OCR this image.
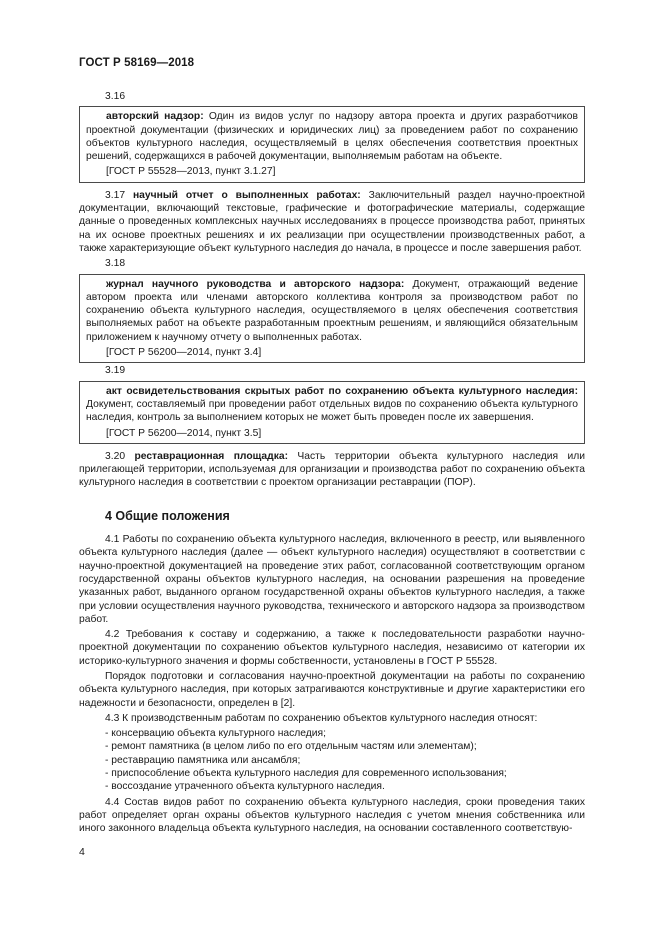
ГОСТ Р 58169—2018
3.16

авторский надзор: Один из видов услуг по надзору автора проекта и других разработчиков проектной документации (физических и юридических лиц) за проведением работ по сохранению объектов культурного наследия, осуществляемый в целях обеспечения соответствия проектных решений, содержащихся в рабочей документации, выполняемым работам на объекте.

[ГОСТ Р 55528—2013, пункт 3.1.27]

3.17 научный отчет о выполненных работах: Заключительный раздел научно-проектной документации, включающий текстовые, графические и фотографические материалы, содержащие данные о проведенных комплексных научных исследованиях в процессе производства работ, принятых на их основе проектных решениях и их реализации при осуществлении производственных работ, а также характеризующие объект культурного наследия до начала, в процессе и после завершения работ.

3.18

журнал научного руководства и авторского надзора: Документ, отражающий ведение автором проекта или членами авторского коллектива контроля за производством работ по сохранению объекта культурного наследия, осуществляемого в целях обеспечения соответствия выполняемых работ на объекте разработанным проектным решениям, и являющийся обязательным приложением к научному отчету о выполненных работах.

[ГОСТ Р 56200—2014, пункт 3.4]
3.19

акт освидетельствования скрытых работ по сохранению объекта культурного наследия: Документ, составляемый при проведении работ отдельных видов по сохранению объекта культурного наследия, контроль за выполнением которых не может быть проведен после их завершения.

[ГОСТ Р 56200—2014, пункт 3.5]

3.20 реставрационная площадка: Часть территории объекта культурного наследия или прилегающей территории, используемая для организации и производства работ по сохранению объекта культурного наследия в соответствии с проектом организации реставрации (ПОР).

4 Общие положения

4.1 Работы по сохранению объекта культурного наследия, включенного в реестр, или выявленного объекта культурного наследия (далее — объект культурного наследия) осуществляют в соответствии с научно-проектной документацией на проведение этих работ, согласованной соответствующим органом государственной охраны объектов культурного наследия, на основании разрешения на проведение указанных работ, выданного органом государственной охраны объектов культурного наследия, а также при условии осуществления научного руководства, технического и авторского надзора за производством работ.

4.2 Требования к составу и содержанию, а также к последовательности разработки научно-проектной документации по сохранению объектов культурного наследия, независимо от категории их историко-культурного значения и формы собственности, установлены в ГОСТ Р 55528.

Порядок подготовки и согласования научно-проектной документации на работы по сохранению объекта культурного наследия, при которых затрагиваются конструктивные и другие характеристики его надежности и безопасности, определен в [2].

4.3 К производственным работам по сохранению объектов культурного наследия относят:

- консервацию объекта культурного наследия;
- ремонт памятника (в целом либо по его отдельным частям или элементам);
- реставрацию памятника или ансамбля;
- приспособление объекта культурного наследия для современного использования;
- воссоздание утраченного объекта культурного наследия.

4.4 Состав видов работ по сохранению объекта культурного наследия, сроки проведения таких работ определяет орган охраны объектов культурного наследия с учетом мнения собственника или иного законного владельца объекта культурного наследия, на основании составленного соответствую-

4
